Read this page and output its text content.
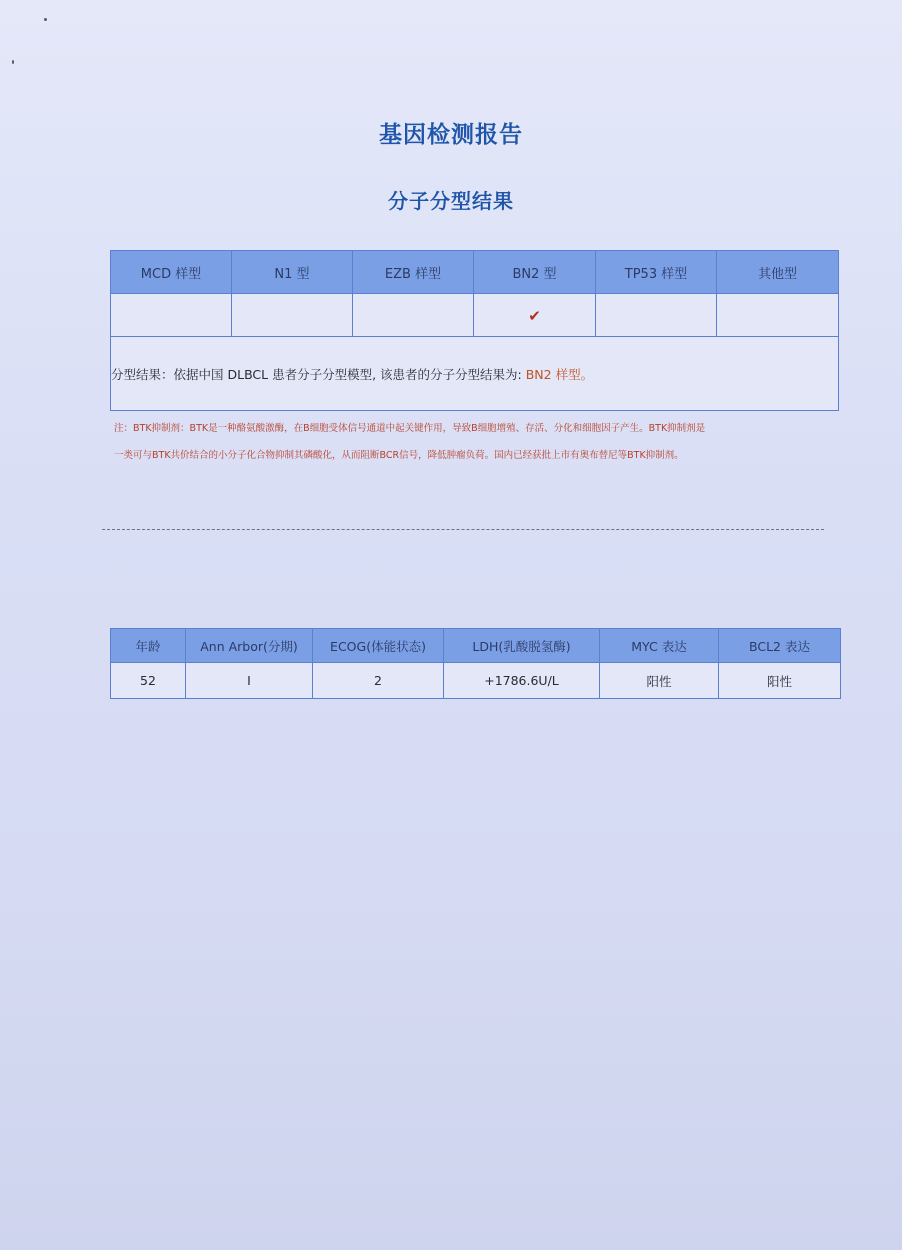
基因检测报告
分子分型结果
MCD 样型	N1 型	EZB 样型	BN2 型	TP53 样型	其他型
			✔		
分型结果：依据中国 DLBCL 患者分子分型模型, 该患者的分子分型结果为: BN2 样型。					
注：BTK抑制剂：BTK是一种酪氨酸激酶，在B细胞受体信号通道中起关键作用，导致B细胞增殖、存活、分化和细胞因子产生。BTK抑制剂是
一类可与BTK共价结合的小分子化合物抑制其磷酸化，从而阻断BCR信号，降低肿瘤负荷。国内已经获批上市有奥布替尼等BTK抑制剂。
年龄	Ann Arbor(分期)	ECOG(体能状态)	LDH(乳酸脱氢酶)	MYC 表达	BCL2 表达
52	I	2	+1786.6U/L	阳性	阳性
